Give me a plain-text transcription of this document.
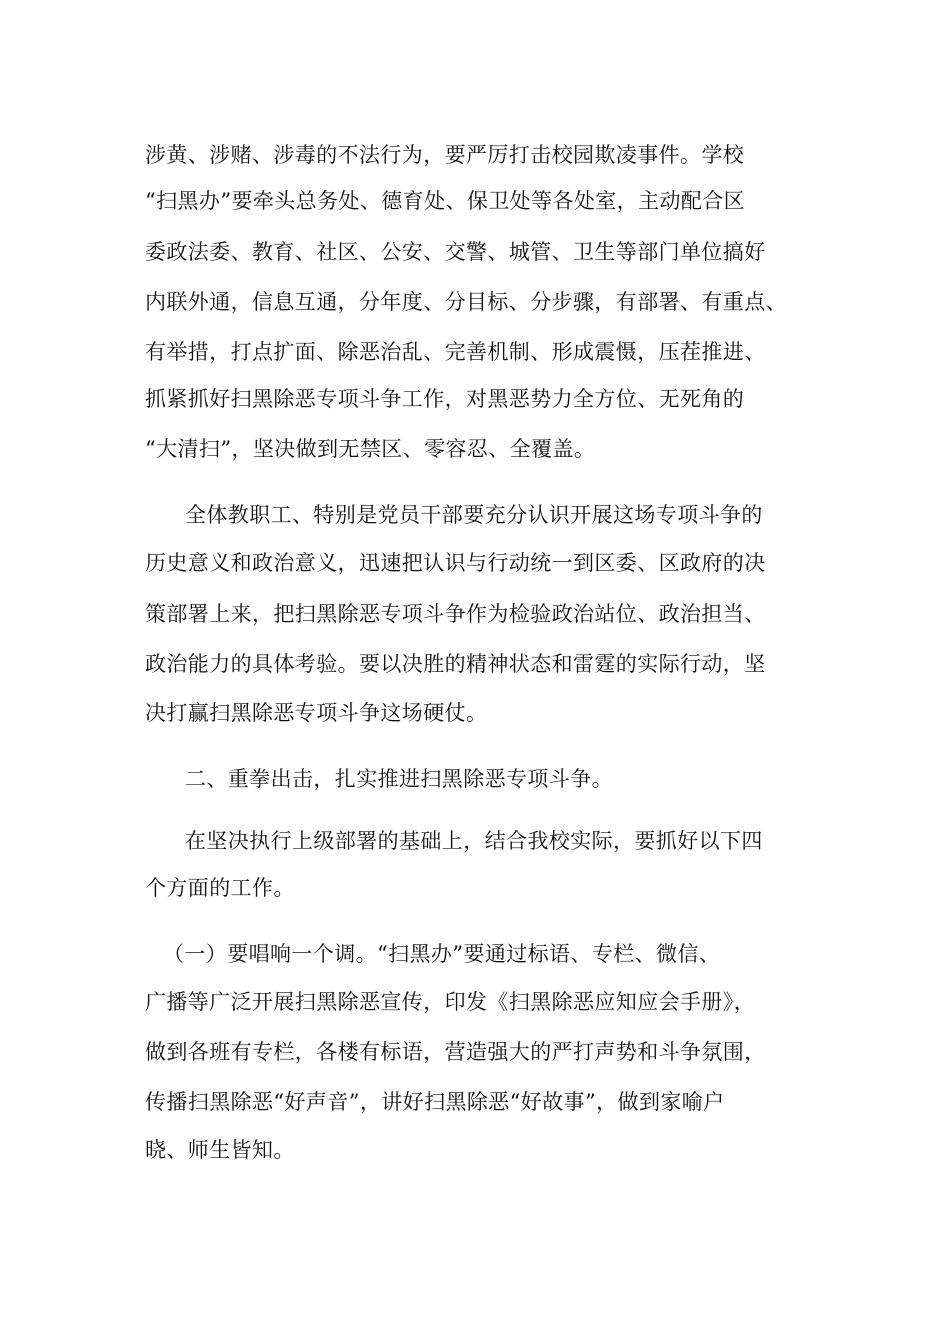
涉黄、涉赌、涉毒的不法行为，要严厉打击校园欺凌事件。学校
“扫黑办”要牵头总务处、德育处、保卫处等各处室，主动配合区
委政法委、教育、社区、公安、交警、城管、卫生等部门单位搞好
内联外通，信息互通，分年度、分目标、分步骤，有部署、有重点、
有举措，打点扩面、除恶治乱、完善机制、形成震慑，压茬推进、
抓紧抓好扫黑除恶专项斗争工作，对黑恶势力全方位、无死角的
“大清扫”，坚决做到无禁区、零容忍、全覆盖。
全体教职工、特别是党员干部要充分认识开展这场专项斗争的
历史意义和政治意义，迅速把认识与行动统一到区委、区政府的决
策部署上来，把扫黑除恶专项斗争作为检验政治站位、政治担当、
政治能力的具体考验。要以决胜的精神状态和雷霆的实际行动，坚
决打赢扫黑除恶专项斗争这场硬仗。
二、重拳出击，扎实推进扫黑除恶专项斗争。
在坚决执行上级部署的基础上，结合我校实际，要抓好以下四
个方面的工作。
（一）要唱响一个调。“扫黑办”要通过标语、专栏、微信、
广播等广泛开展扫黑除恶宣传，印发《扫黑除恶应知应会手册》，
做到各班有专栏，各楼有标语，营造强大的严打声势和斗争氛围，
传播扫黑除恶“好声音”，讲好扫黑除恶“好故事”，做到家喻户
晓、师生皆知。
